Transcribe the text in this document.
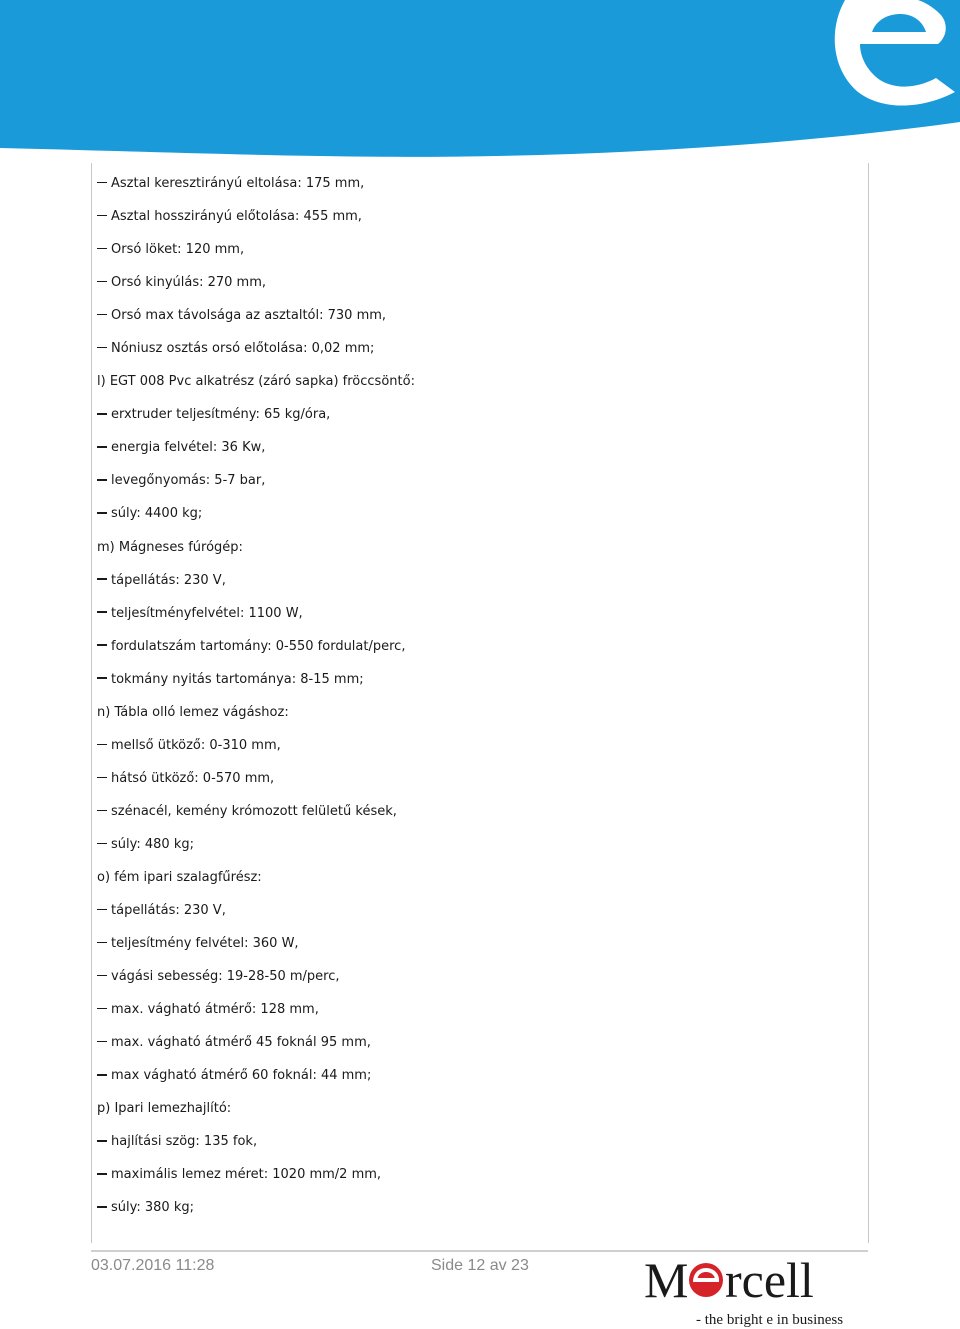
Asztal keresztirányú eltolása: 175 mm,
Asztal hosszirányú előtolása: 455 mm,
Orsó löket: 120 mm,
Orsó kinyúlás: 270 mm,
Orsó max távolsága az asztaltól: 730 mm,
Nóniusz osztás orsó előtolása: 0,02 mm;
l) EGT 008 Pvc alkatrész (záró sapka) fröccsöntő:
erxtruder teljesítmény: 65 kg/óra,
energia felvétel: 36 Kw,
levegőnyomás: 5-7 bar,
súly: 4400 kg;
m) Mágneses fúrógép:
tápellátás: 230 V,
teljesítményfelvétel: 1100 W,
fordulatszám tartomány: 0-550 fordulat/perc,
tokmány nyitás tartománya: 8-15 mm;
n) Tábla olló lemez vágáshoz:
mellső ütköző: 0-310 mm,
hátsó ütköző: 0-570 mm,
szénacél, kemény krómozott felületű kések,
súly: 480 kg;
o) fém ipari szalagfűrész:
tápellátás: 230 V,
teljesítmény felvétel: 360 W,
vágási sebesség: 19-28-50 m/perc,
max. vágható átmérő: 128 mm,
max. vágható átmérő 45 foknál 95 mm,
max vágható átmérő 60 foknál: 44 mm;
p) Ipari lemezhajlító:
hajlítási szög: 135 fok,
maximális lemez méret: 1020 mm/2 mm,
súly: 380 kg;
03.07.2016 11:28	Side 12 av 23 M rcell
- the bright e in business
